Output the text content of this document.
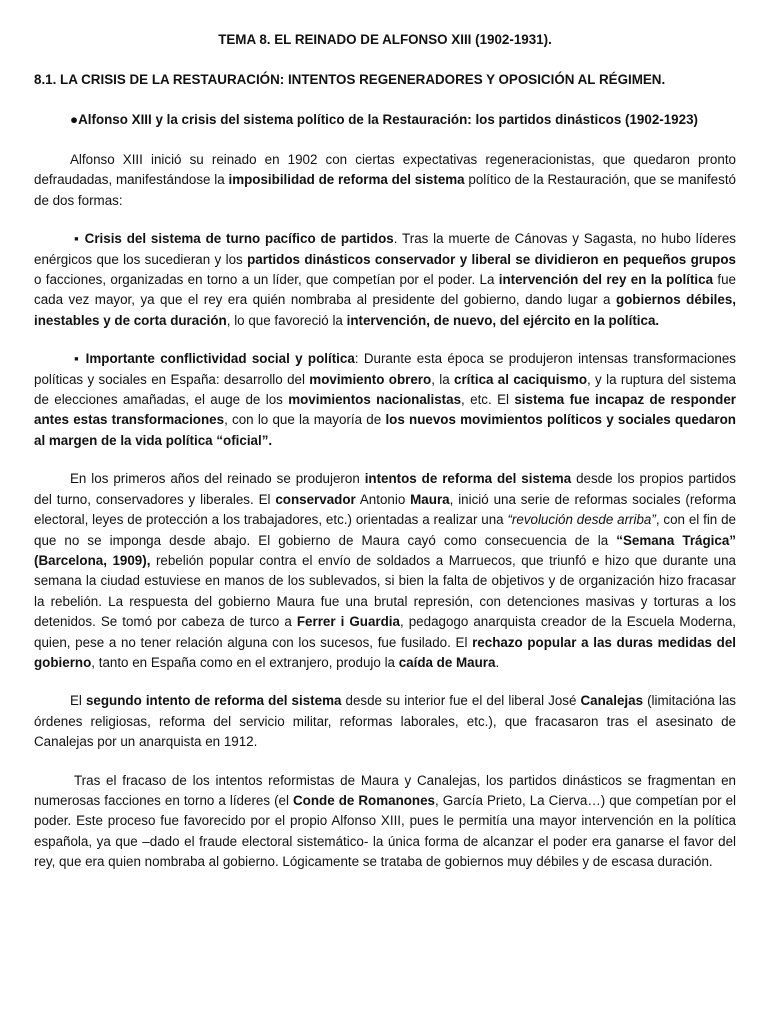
TEMA 8. EL REINADO DE ALFONSO XIII (1902-1931).

8.1. LA CRISIS DE LA RESTAURACIÓN: INTENTOS REGENERADORES Y OPOSICIÓN AL RÉGIMEN.

●Alfonso XIII y la crisis del sistema político de la Restauración: los partidos dinásticos (1902-1923)

Alfonso XIII inició su reinado en 1902 con ciertas expectativas regeneracionistas, que quedaron pronto defraudadas, manifestándose la imposibilidad de reforma del sistema político de la Restauración, que se manifestó de dos formas:

▪ Crisis del sistema de turno pacífico de partidos. Tras la muerte de Cánovas y Sagasta, no hubo líderes enérgicos que los sucedieran y los partidos dinásticos conservador y liberal se dividieron en pequeños grupos o facciones, organizadas en torno a un líder, que competían por el poder. La intervención del rey en la política fue cada vez mayor, ya que el rey era quién nombraba al presidente del gobierno, dando lugar a gobiernos débiles, inestables y de corta duración, lo que favoreció la intervención, de nuevo, del ejército en la política.

▪ Importante conflictividad social y política: Durante esta época se produjeron intensas transformaciones políticas y sociales en España: desarrollo del movimiento obrero, la crítica al caciquismo, y la ruptura del sistema de elecciones amañadas, el auge de los movimientos nacionalistas, etc. El sistema fue incapaz de responder antes estas transformaciones, con lo que la mayoría de los nuevos movimientos políticos y sociales quedaron al margen de la vida política “oficial”.

En los primeros años del reinado se produjeron intentos de reforma del sistema desde los propios partidos del turno, conservadores y liberales. El conservador Antonio Maura, inició una serie de reformas sociales (reforma electoral, leyes de protección a los trabajadores, etc.) orientadas a realizar una “revolución desde arriba”, con el fin de que no se imponga desde abajo. El gobierno de Maura cayó como consecuencia de la “Semana Trágica” (Barcelona, 1909), rebelión popular contra el envío de soldados a Marruecos, que triunfó e hizo que durante una semana la ciudad estuviese en manos de los sublevados, si bien la falta de objetivos y de organización hizo fracasar la rebelión. La respuesta del gobierno Maura fue una brutal represión, con detenciones masivas y torturas a los detenidos. Se tomó por cabeza de turco a Ferrer i Guardia, pedagogo anarquista creador de la Escuela Moderna, quien, pese a no tener relación alguna con los sucesos, fue fusilado. El rechazo popular a las duras medidas del gobierno, tanto en España como en el extranjero, produjo la caída de Maura.

El segundo intento de reforma del sistema desde su interior fue el del liberal José Canalejas (limitacióna las órdenes religiosas, reforma del servicio militar, reformas laborales, etc.), que fracasaron tras el asesinato de Canalejas por un anarquista en 1912.

Tras el fracaso de los intentos reformistas de Maura y Canalejas, los partidos dinásticos se fragmentan en numerosas facciones en torno a líderes (el Conde de Romanones, García Prieto, La Cierva…) que competían por el poder. Este proceso fue favorecido por el propio Alfonso XIII, pues le permitía una mayor intervención en la política española, ya que –dado el fraude electoral sistemático- la única forma de alcanzar el poder era ganarse el favor del rey, que era quien nombraba al gobierno. Lógicamente se trataba de gobiernos muy débiles y de escasa duración.
